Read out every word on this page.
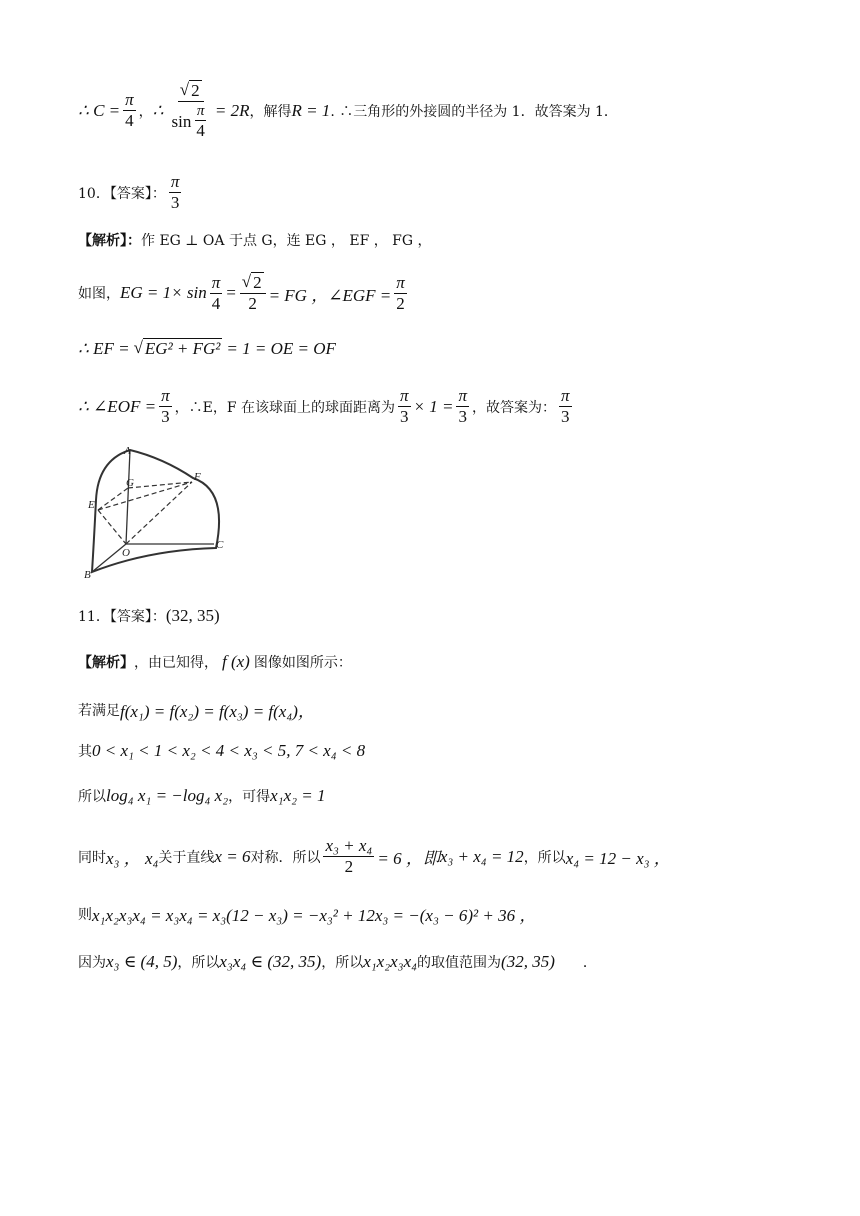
∴ $C = \frac{\pi}{4}$ ， ∴ $\frac{√ 2}{\sin \frac{\pi}{4}} = 2R$ ，解得 R = 1 . ∴三角形的外接圆的半径为 1．故答案为 1．
10．【答案】： $\frac{\pi}{3}$
【解析】： 作 EG ⊥ OA 于点 G，连 EG ， EF ， FG ，
如图， EG = $1\times \sin \frac{\pi}{4} = \frac{√ 2}{2}$ = FG ，∠EGF = $\frac{\pi}{2}$
∴ EF = √ EG² + FG² = 1 = OE = OF
∴ ∠EOF = $\frac{\pi}{3}$ ，∴E，F 在该球面上的球面距离为 $\frac{\pi}{3} \times 1 = \frac{\pi}{3}$ ，故答案为： $\frac{\pi}{3}$
A
G	F
E
O
C
B
11．【答案】： (32, 35)
【解析】 ，由已知得， f (x) 图像如图所示：
若满足 f(x₁) = f(x₂) = f(x₃) = f(x₄)，
其 0 < x₁ < 1 < x₂ < 4 < x₃ < 5, 7 < x₄ < 8
所以 log₄ x₁ = −log₄ x₂ ，可得 x₁x₂ = 1
同时 x₃ ， x₄ 关于直线 x = 6 对称．所以 $\frac{\text{x₃ + x₄}}{2} = 6$ ，即 x₃ + x₄ = 12 ，所以 x₄ = 12 − x₃ ，
则 x₁x₂x₃x₄ = x₃x₄ = x₃(12 − x₃) = −x₃² + 12x₃ = −(x₃ − 6)² + 36 ，
因为 x₃ ∈ (4, 5) ，所以 x₃x₄ ∈ (32, 35) ，所以 x₁x₂x₃x₄ 的取值范围为 (32, 35) ．
